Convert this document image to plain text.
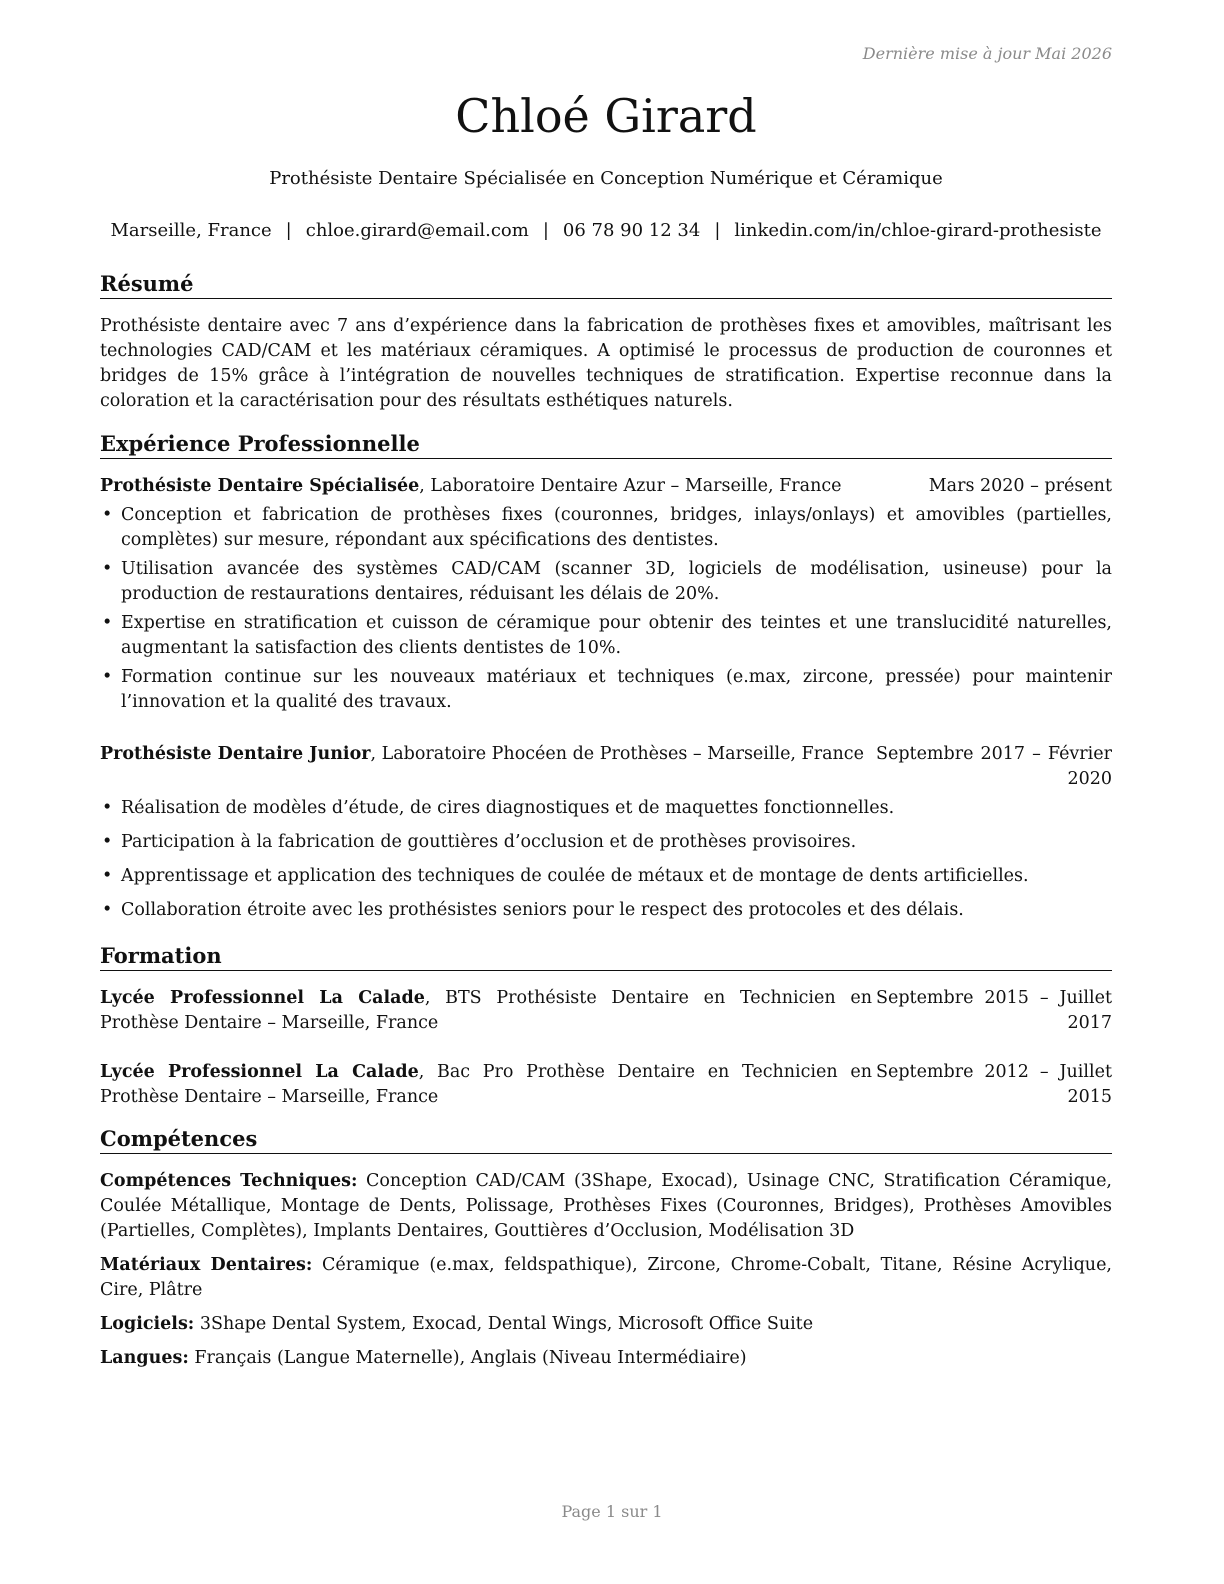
Dernière mise à jour Mai 2026
Chloé Girard
Prothésiste Dentaire Spécialisée en Conception Numérique et Céramique
Marseille, France | chloe.girard@email.com | 06 78 90 12 34 | linkedin.com/in/chloe-girard-prothesiste
Résumé
Prothésiste dentaire avec 7 ans d’expérience dans la fabrication de prothèses fixes et amovibles, maîtrisant les technologies CAD/CAM et les matériaux céramiques. A optimisé le processus de production de couronnes et bridges de 15% grâce à l’intégration de nouvelles techniques de stratification. Expertise reconnue dans la coloration et la caractérisation pour des résultats esthétiques naturels.
Expérience Professionnelle
Prothésiste Dentaire Spécialisée, Laboratoire Dentaire Azur – Marseille, France	Mars 2020 – présent
• Conception et fabrication de prothèses fixes (couronnes, bridges, inlays/onlays) et amovibles (partielles, complètes) sur mesure, répondant aux spécifications des dentistes.
• Utilisation avancée des systèmes CAD/CAM (scanner 3D, logiciels de modélisation, usineuse) pour la production de restaurations dentaires, réduisant les délais de 20%.
• Expertise en stratification et cuisson de céramique pour obtenir des teintes et une translucidité naturelles, augmentant la satisfaction des clients dentistes de 10%.
• Formation continue sur les nouveaux matériaux et techniques (e.max, zircone, pressée) pour maintenir l’innovation et la qualité des travaux.
Prothésiste Dentaire Junior, Laboratoire Phocéen de Prothèses – Marseille, France Septembre 2017 – Février
2020
• Réalisation de modèles d’étude, de cires diagnostiques et de maquettes fonctionnelles.
• Participation à la fabrication de gouttières d’occlusion et de prothèses provisoires.
• Apprentissage et application des techniques de coulée de métaux et de montage de dents artificielles.
• Collaboration étroite avec les prothésistes seniors pour le respect des protocoles et des délais.
Formation
Lycée Professionnel La Calade, BTS Prothésiste Dentaire en Technicien en Prothèse Dentaire – Marseille, France
Septembre 2015 – Juillet
2017
Lycée Professionnel La Calade, Bac Pro Prothèse Dentaire en Technicien en Prothèse Dentaire – Marseille, France
Septembre 2012 – Juillet
2015
Compétences
Compétences Techniques: Conception CAD/CAM (3Shape, Exocad), Usinage CNC, Stratification Céramique, Coulée Métallique, Montage de Dents, Polissage, Prothèses Fixes (Couronnes, Bridges), Prothèses Amovibles (Partielles, Complètes), Implants Dentaires, Gouttières d’Occlusion, Modélisation 3D
Matériaux Dentaires: Céramique (e.max, feldspathique), Zircone, Chrome-Cobalt, Titane, Résine Acrylique, Cire, Plâtre
Logiciels: 3Shape Dental System, Exocad, Dental Wings, Microsoft Office Suite
Langues: Français (Langue Maternelle), Anglais (Niveau Intermédiaire)
Page 1 sur 1
